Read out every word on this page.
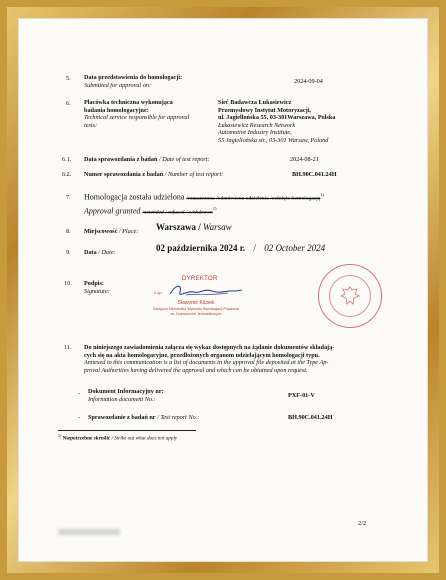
5. Data przedstawienia do homologacji:
Submitted for approval on:
2024-09-04
6. Placówka techniczna wykonująca
badania homologacyjne:
Technical service responsible for approval
tests:
Sieć Badawcza Łukasiewicz
Przemysłowy Instytut Motoryzacji,
ul. Jagiellońska 55, 03-301Warszawa, Polska
Łukasiewicz Research Network
Automotive Industry Institute,
55 Jagiellońska str., 03-301 Warsaw, Poland
6.1. Data sprawozdania z badań / Date of test report:	2024-08-21
6.2. Numer sprawozdania z badań / Number of test report:	BH.90C.041.24H
7. Homologacja została udzielona /rozszerzona /odmówiono udzielenia /cofnięto homologację$^{1)}$
Approval granted /extended / refused / withdrawn$^{1)}$
8. Miejscowość / Place: Warszawa / Warsaw
9. Data / Date:	02 października 2024 r. / 02 October 2024
10. Podpis:
Signature:
DYREKTOR
z up.
Sławomir Klusek
Zastępca Kierownika Wydziału Homologacji Pojazdów
ds. Dopuszczeń Jednostkowych
11. Do niniejszego zawiadomienia załącza się wykaz dostępnych na żądanie dokumentów składają-
cych się na akta homologacyjne, przedłożonych organom udzielającym homologacji typu.
Annexed to this communication is a list of documents in the approval file deposited at the Type Ap-
proval Authorities having delivered the approval and which can be obtained upon request.
- Dokument Informacyjny nr:
Information document No.:
PXF-01-V
- Sprawozdanie z badań nr / Test report No.:	BH.90C.041.24H
$^{1)}$ Niepotrzebne skreślić / Strike out what does not apply
2/2
